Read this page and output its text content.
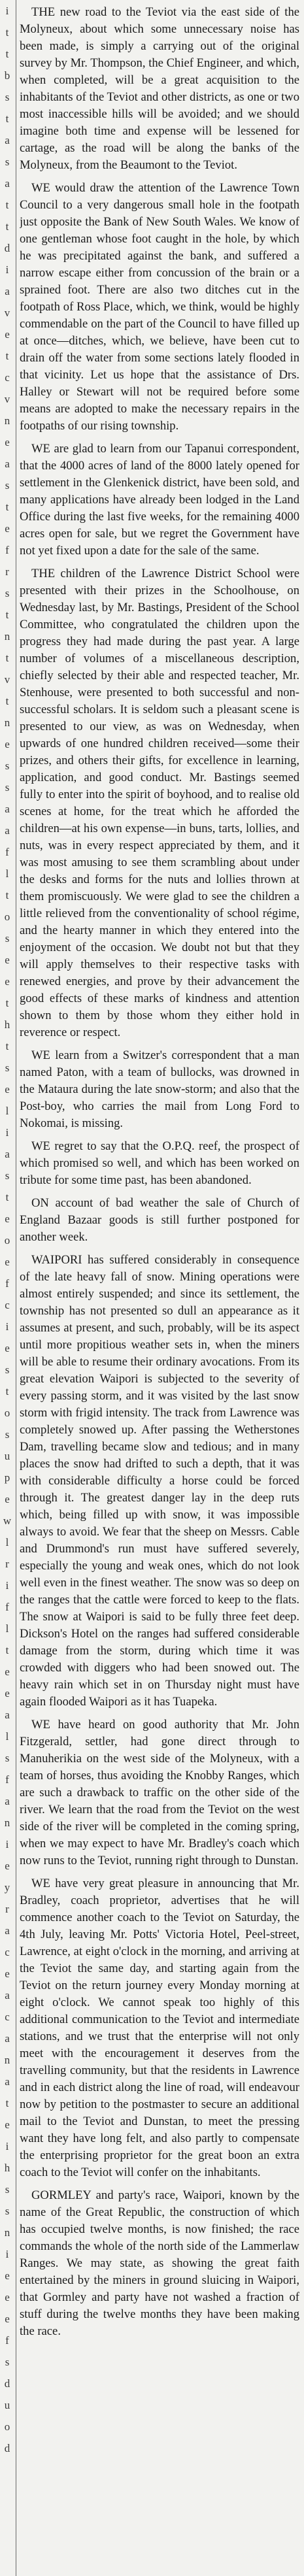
i
t
t
b
s
t
a
s
a
t
t
d
i
a
v
e
t
c
v
n
e
a
s
t
e
f
r
s
t
n
t
v
t
n
e
s
s
a
a
f
l
t
o
s
e
e
t
h
t
s
e
l
i
a
s
t
e
o
e
f
c
i
e
s
t
o
s
u
p
e
w
l
r
i
f
l
t
e
e
a
l
s
f
a
n
i
e
y
r
a
c
e
a
c
a
n
a
t
e
i
h
s
s
n
i
e
e
e
f
s
d
u
o
d

THE new road to the Teviot via the east side of the Molyneux, about which some unnecessary noise has been made, is simply a carrying out of the original survey by Mr. Thompson, the Chief Engineer, and which, when completed, will be a great acquisition to the inhabitants of the Teviot and other districts, as one or two most inaccessible hills will be avoided; and we should imagine both time and expense will be lessened for cartage, as the road will be along the banks of the Molyneux, from the Beaumont to the Teviot.

WE would draw the attention of the Lawrence Town Council to a very dangerous small hole in the footpath just opposite the Bank of New South Wales. We know of one gentleman whose foot caught in the hole, by which he was precipitated against the bank, and suffered a narrow escape either from concussion of the brain or a sprained foot. There are also two ditches cut in the footpath of Ross Place, which, we think, would be highly commendable on the part of the Council to have filled up at once—ditches, which, we believe, have been cut to drain off the water from some sections lately flooded in that vicinity. Let us hope that the assistance of Drs. Halley or Stewart will not be required before some means are adopted to make the necessary repairs in the footpaths of our rising township.

WE are glad to learn from our Tapanui correspondent, that the 4000 acres of land of the 8000 lately opened for settlement in the Glenkenick district, have been sold, and many applications have already been lodged in the Land Office during the last five weeks, for the remaining 4000 acres open for sale, but we regret the Government have not yet fixed upon a date for the sale of the same.

THE children of the Lawrence District School were presented with their prizes in the Schoolhouse, on Wednesday last, by Mr. Bastings, President of the School Committee, who congratulated the children upon the progress they had made during the past year. A large number of volumes of a miscellaneous description, chiefly selected by their able and respected teacher, Mr. Stenhouse, were presented to both successful and non-successful scholars. It is seldom such a pleasant scene is presented to our view, as was on Wednesday, when upwards of one hundred children received—some their prizes, and others their gifts, for excellence in learning, application, and good conduct. Mr. Bastings seemed fully to enter into the spirit of boyhood, and to realise old scenes at home, for the treat which he afforded the children—at his own expense—in buns, tarts, lollies, and nuts, was in every respect appreciated by them, and it was most amusing to see them scrambling about under the desks and forms for the nuts and lollies thrown at them promiscuously. We were glad to see the children a little relieved from the conventionality of school régime, and the hearty manner in which they entered into the enjoyment of the occasion. We doubt not but that they will apply themselves to their respective tasks with renewed energies, and prove by their advancement the good effects of these marks of kindness and attention shown to them by those whom they either hold in reverence or respect.

WE learn from a Switzer's correspondent that a man named Paton, with a team of bullocks, was drowned in the Mataura during the late snow-storm; and also that the Post-boy, who carries the mail from Long Ford to Nokomai, is missing.

WE regret to say that the O.P.Q. reef, the prospect of which promised so well, and which has been worked on tribute for some time past, has been abandoned.

ON account of bad weather the sale of Church of England Bazaar goods is still further postponed for another week.

WAIPORI has suffered considerably in consequence of the late heavy fall of snow. Mining operations were almost entirely suspended; and since its settlement, the township has not presented so dull an appearance as it assumes at present, and such, probably, will be its aspect until more propitious weather sets in, when the miners will be able to resume their ordinary avocations. From its great elevation Waipori is subjected to the severity of every passing storm, and it was visited by the last snow storm with frigid intensity. The track from Lawrence was completely snowed up. After passing the Wetherstones Dam, travelling became slow and tedious; and in many places the snow had drifted to such a depth, that it was with considerable difficulty a horse could be forced through it. The greatest danger lay in the deep ruts which, being filled up with snow, it was impossible always to avoid. We fear that the sheep on Messrs. Cable and Drummond's run must have suffered severely, especially the young and weak ones, which do not look well even in the finest weather. The snow was so deep on the ranges that the cattle were forced to keep to the flats. The snow at Waipori is said to be fully three feet deep. Dickson's Hotel on the ranges had suffered considerable damage from the storm, during which time it was crowded with diggers who had been snowed out. The heavy rain which set in on Thursday night must have again flooded Waipori as it has Tuapeka.

WE have heard on good authority that Mr. John Fitzgerald, settler, had gone direct through to Manuherikia on the west side of the Molyneux, with a team of horses, thus avoiding the Knobby Ranges, which are such a drawback to traffic on the other side of the river. We learn that the road from the Teviot on the west side of the river will be completed in the coming spring, when we may expect to have Mr. Bradley's coach which now runs to the Teviot, running right through to Dunstan.

WE have very great pleasure in announcing that Mr. Bradley, coach proprietor, advertises that he will commence another coach to the Teviot on Saturday, the 4th July, leaving Mr. Potts' Victoria Hotel, Peel-street, Lawrence, at eight o'clock in the morning, and arriving at the Teviot the same day, and starting again from the Teviot on the return journey every Monday morning at eight o'clock. We cannot speak too highly of this additional communication to the Teviot and intermediate stations, and we trust that the enterprise will not only meet with the encouragement it deserves from the travelling community, but that the residents in Lawrence and in each district along the line of road, will endeavour now by petition to the postmaster to secure an additional mail to the Teviot and Dunstan, to meet the pressing want they have long felt, and also partly to compensate the enterprising proprietor for the great boon an extra coach to the Teviot will confer on the inhabitants.

GORMLEY and party's race, Waipori, known by the name of the Great Republic, the construction of which has occupied twelve months, is now finished; the race commands the whole of the north side of the Lammerlaw Ranges. We may state, as showing the great faith entertained by the miners in ground sluicing in Waipori, that Gormley and party have not washed a fraction of stuff during the twelve months they have been making the race.
